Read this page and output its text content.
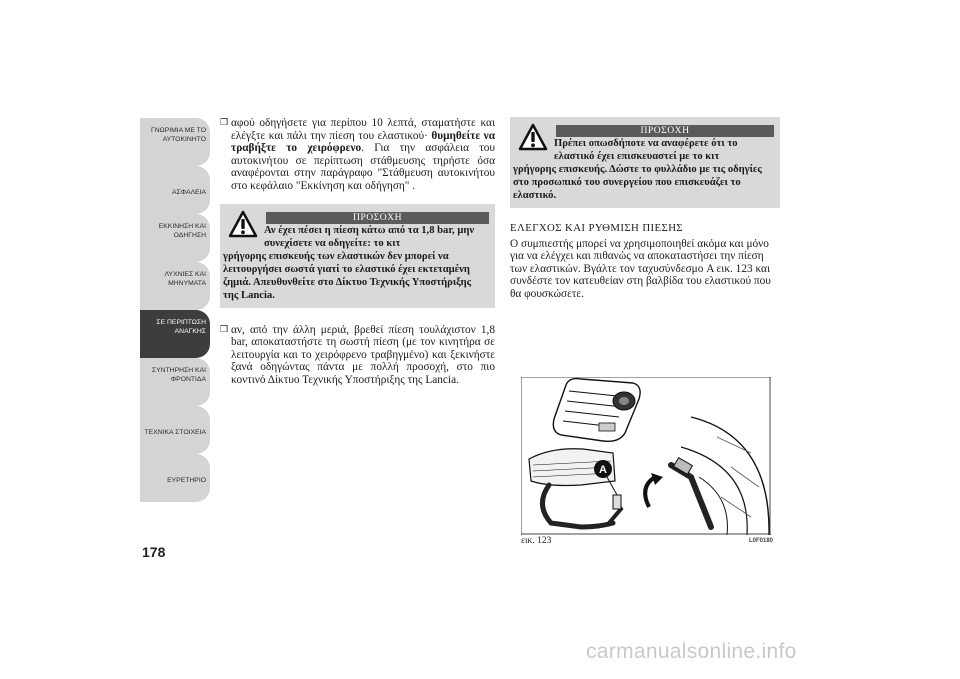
ΓΝΩΡΙΜΙΑ ΜΕ ΤΟ
ΑΥΤΟΚΙΝΗΤΟ
ΑΣΦΑΛΕΙΑ
ΕΚΚΙΝΗΣΗ ΚΑΙ
ΟΔΗΓΗΣΗ
ΛΥΧΝΙΕΣ ΚΑΙ
ΜΗΝΥΜΑΤΑ
ΣΕ ΠΕΡΙΠΤΩΣΗ
ΑΝΑΓΚΗΣ
ΣΥΝΤΗΡΗΣΗ ΚΑΙ
ΦΡΟΝΤΙΔΑ
ΤΕΧΝΙΚΑ ΣΤΟΙΧΕΙΑ
ΕΥΡΕΤΗΡΙΟ
178
❒ αφού οδηγήσετε για περίπου 10 λεπτά, σταματήστε και ελέγξτε και πάλι την πίεση του ελαστικού· θυμηθείτε να τραβήξτε το χειρόφρενο. Για την ασφάλεια του αυτοκινήτου σε περίπτωση στάθμευσης τηρήστε όσα αναφέρονται στην παράγραφο "Στάθμευση αυτοκινήτου στο κεφάλαιο "Εκκίνηση και οδήγηση" .
ΠΡΟΣΟΧΗ
Αν έχει πέσει η πίεση κάτω από τα 1,8 bar, μην συνεχίσετε να οδηγείτε: το κιτ
γρήγορης επισκευής των ελαστικών δεν μπορεί να λειτουργήσει σωστά γιατί το ελαστικό έχει εκτεταμένη ζημιά. Απευθυνθείτε στο Δίκτυο Τεχνικής Υποστήριξης της Lancia.
❒ αν, από την άλλη μεριά, βρεθεί πίεση τουλάχιστον 1,8 bar, αποκαταστήστε τη σωστή πίεση (με τον κινητήρα σε λειτουργία και το χειρόφρενο τραβηγμένο) και ξεκινήστε ξανά οδηγώντας πάντα με πολλή προσοχή, στο πιο κοντινό Δίκτυο Τεχνικής Υποστήριξης της Lancia.
ΠΡΟΣΟΧΗ
Πρέπει οπωσδήποτε να αναφέρετε ότι το ελαστικό έχει επισκευαστεί με το κιτ
γρήγορης επισκευής. Δώστε το φυλλάδιο με τις οδηγίες στο προσωπικό του συνεργείου που επισκευάζει το ελαστικό.
ΕΛΕΓΧΟΣ ΚΑΙ ΡΥΘΜΙΣΗ ΠΙΕΣΗΣ
Ο συμπιεστής μπορεί να χρησιμοποιηθεί ακόμα και μόνο για να ελέγχει και πιθανώς να αποκαταστήσει την πίεση των ελαστικών. Βγάλτε τον ταχυσύνδεσμο A εικ. 123 και συνδέστε τον κατευθείαν στη βαλβίδα του ελαστικού που θα φουσκώσετε.
A
εικ. 123	L0F0180
carmanualsonline.info
